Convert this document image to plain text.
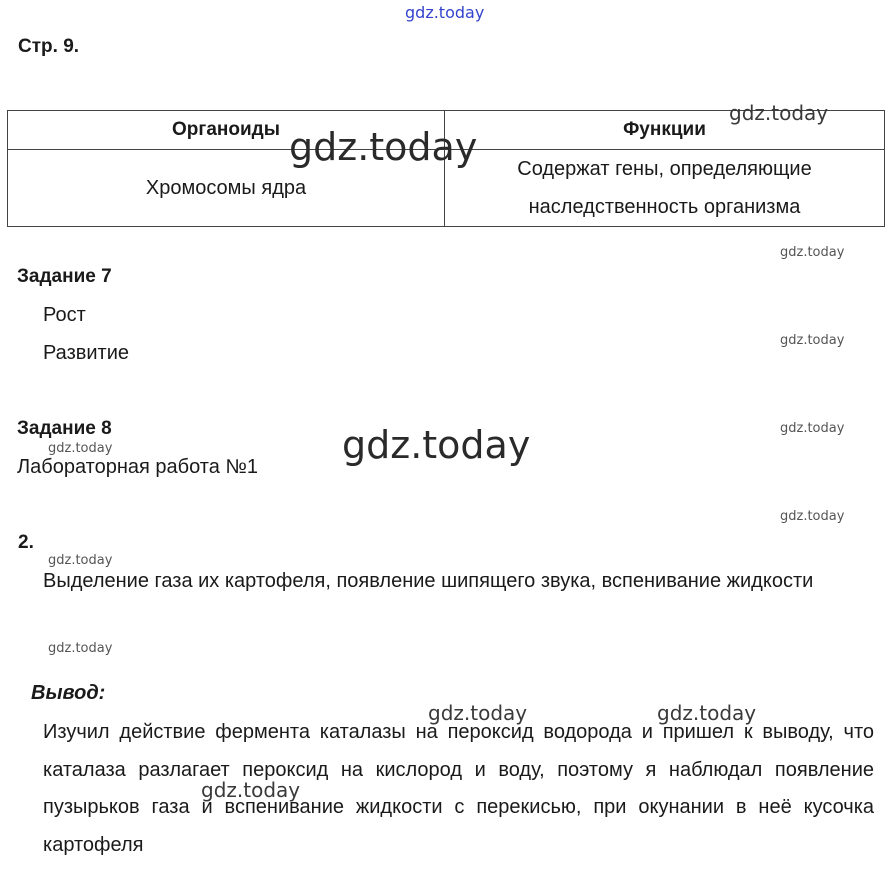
gdz.today
Стр. 9.
Органоиды	Функции
Хромосомы ядра	Содержат гены, определяющие
наследственность организма
Задание 7
Рост
Развитие
Задание 8
Лабораторная работа №1
2.
Выделение газа их картофеля, появление шипящего звука, вспенивание жидкости
Вывод:
Изучил действие фермента каталазы на пероксид водорода и пришел к выводу, что каталаза разлагает пероксид на кислород и воду, поэтому я наблюдал появление пузырьков газа и вспенивание жидкости с перекисью, при окунании в неё кусочка картофеля
gdz.today
gdz.today
gdz.today
gdz.today
gdz.today
gdz.today	gdz.today
gdz.today
gdz.today
gdz.today
gdz.today	gdz.today
gdz.today
